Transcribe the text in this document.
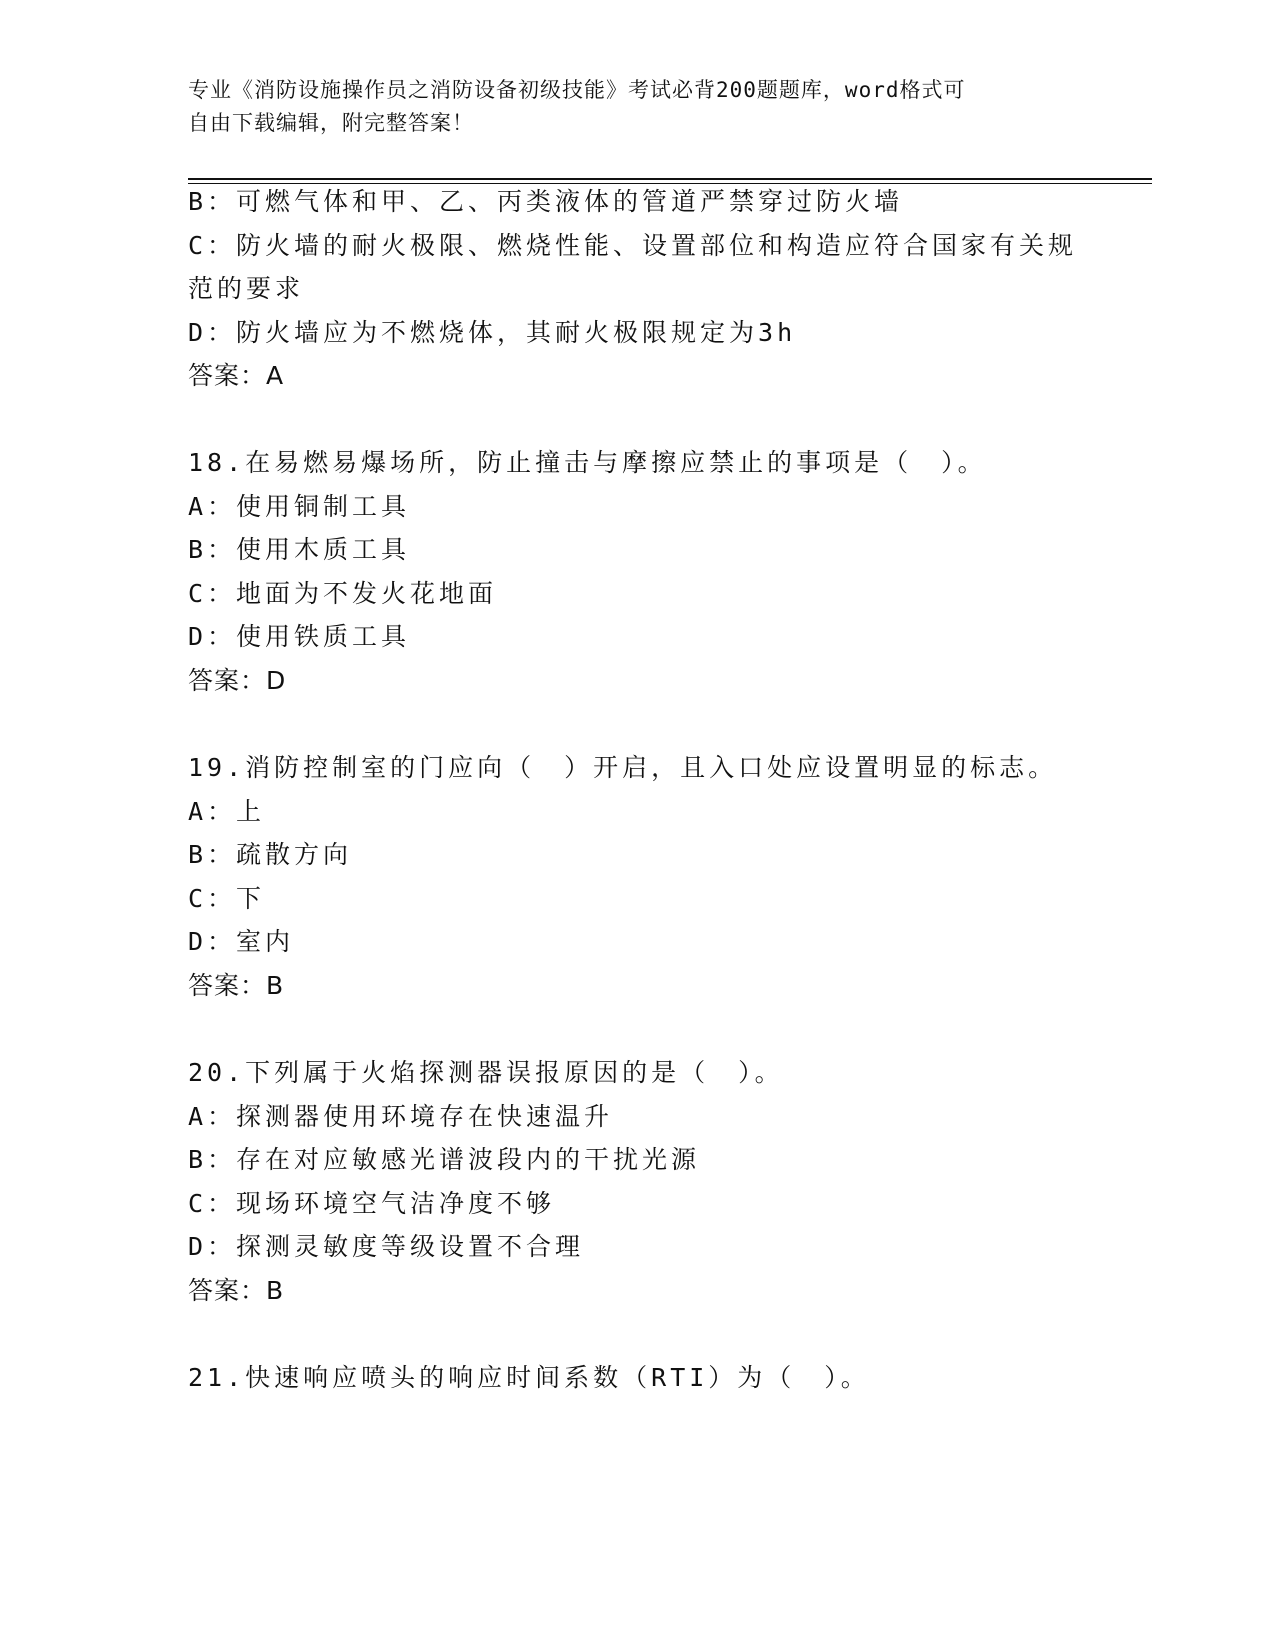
专业《消防设施操作员之消防设备初级技能》考试必背200题题库，word格式可
自由下载编辑，附完整答案！
B：可燃气体和甲、乙、丙类液体的管道严禁穿过防火墙
C：防火墙的耐火极限、燃烧性能、设置部位和构造应符合国家有关规
范的要求
D：防火墙应为不燃烧体，其耐火极限规定为3h
答案：A
18.在易燃易爆场所，防止撞击与摩擦应禁止的事项是（　）。
A：使用铜制工具
B：使用木质工具
C：地面为不发火花地面
D：使用铁质工具
答案：D
19.消防控制室的门应向（　）开启，且入口处应设置明显的标志。
A：上
B：疏散方向
C：下
D：室内
答案：B
20.下列属于火焰探测器误报原因的是（　）。
A：探测器使用环境存在快速温升
B：存在对应敏感光谱波段内的干扰光源
C：现场环境空气洁净度不够
D：探测灵敏度等级设置不合理
答案：B
21.快速响应喷头的响应时间系数（RTI）为（　）。
